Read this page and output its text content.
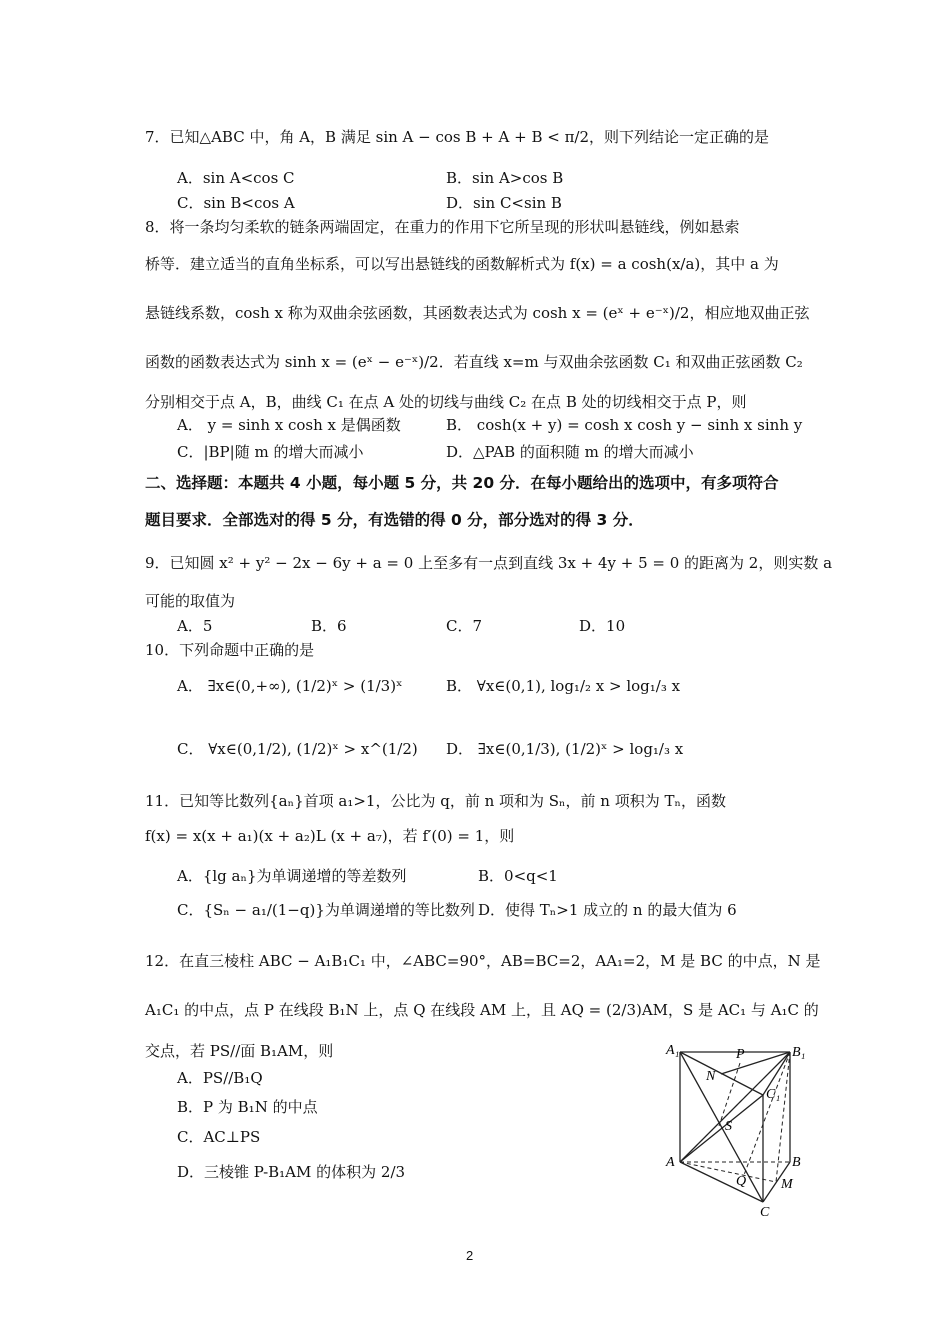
7．已知△ABC 中，角 A，B 满足 sin A − cos B + A + B < π/2，则下列结论一定正确的是
A．sin A<cos C	B．sin A>cos B
C．sin B<cos A	D．sin C<sin B
8．将一条均匀柔软的链条两端固定，在重力的作用下它所呈现的形状叫悬链线，例如悬索
桥等．建立适当的直角坐标系，可以写出悬链线的函数解析式为 f(x) = a cosh(x/a)，其中 a 为
悬链线系数，cosh x 称为双曲余弦函数，其函数表达式为 cosh x = (eˣ + e⁻ˣ)/2，相应地双曲正弦
函数的函数表达式为 sinh x = (eˣ − e⁻ˣ)/2．若直线 x=m 与双曲余弦函数 C₁ 和双曲正弦函数 C₂
分别相交于点 A，B，曲线 C₁ 在点 A 处的切线与曲线 C₂ 在点 B 处的切线相交于点 P，则
A． y = sinh x cosh x 是偶函数	B． cosh(x + y) = cosh x cosh y − sinh x sinh y
C．|BP|随 m 的增大而减小	D．△PAB 的面积随 m 的增大而减小
二、选择题：本题共 4 小题，每小题 5 分，共 20 分．在每小题给出的选项中，有多项符合
题目要求．全部选对的得 5 分，有选错的得 0 分，部分选对的得 3 分．
9．已知圆 x² + y² − 2x − 6y + a = 0 上至多有一点到直线 3x + 4y + 5 = 0 的距离为 2，则实数 a
可能的取值为
A．5	B．6	C．7	D．10
10．下列命题中正确的是
A． ∃x∈(0,+∞), (1/2)ˣ > (1/3)ˣ	B． ∀x∈(0,1), log₁/₂ x > log₁/₃ x
C． ∀x∈(0,1/2), (1/2)ˣ > x^(1/2) D． ∃x∈(0,1/3), (1/2)ˣ > log₁/₃ x
11．已知等比数列{aₙ}首项 a₁>1，公比为 q，前 n 项和为 Sₙ，前 n 项积为 Tₙ，函数
f(x) = x(x + a₁)(x + a₂)L (x + a₇)，若 f′(0) = 1，则
A．{lg aₙ}为单调递增的等差数列	B．0<q<1
C．{Sₙ − a₁/(1−q)}为单调递增的等比数列 D．使得 Tₙ>1 成立的 n 的最大值为 6
12．在直三棱柱 ABC − A₁B₁C₁ 中，∠ABC=90°，AB=BC=2，AA₁=2，M 是 BC 的中点，N 是
A₁C₁ 的中点，点 P 在线段 B₁N 上，点 Q 在线段 AM 上，且 AQ = (2/3)AM，S 是 AC₁ 与 A₁C 的
交点，若 PS//面 B₁AM，则
A．PS//B₁Q
B．P 为 B₁N 的中点
C．AC⊥PS
D．三棱锥 P-B₁AM 的体积为 2/3
A₁	P	B₁
N
C₁
S
A	B
Q M
C
2
